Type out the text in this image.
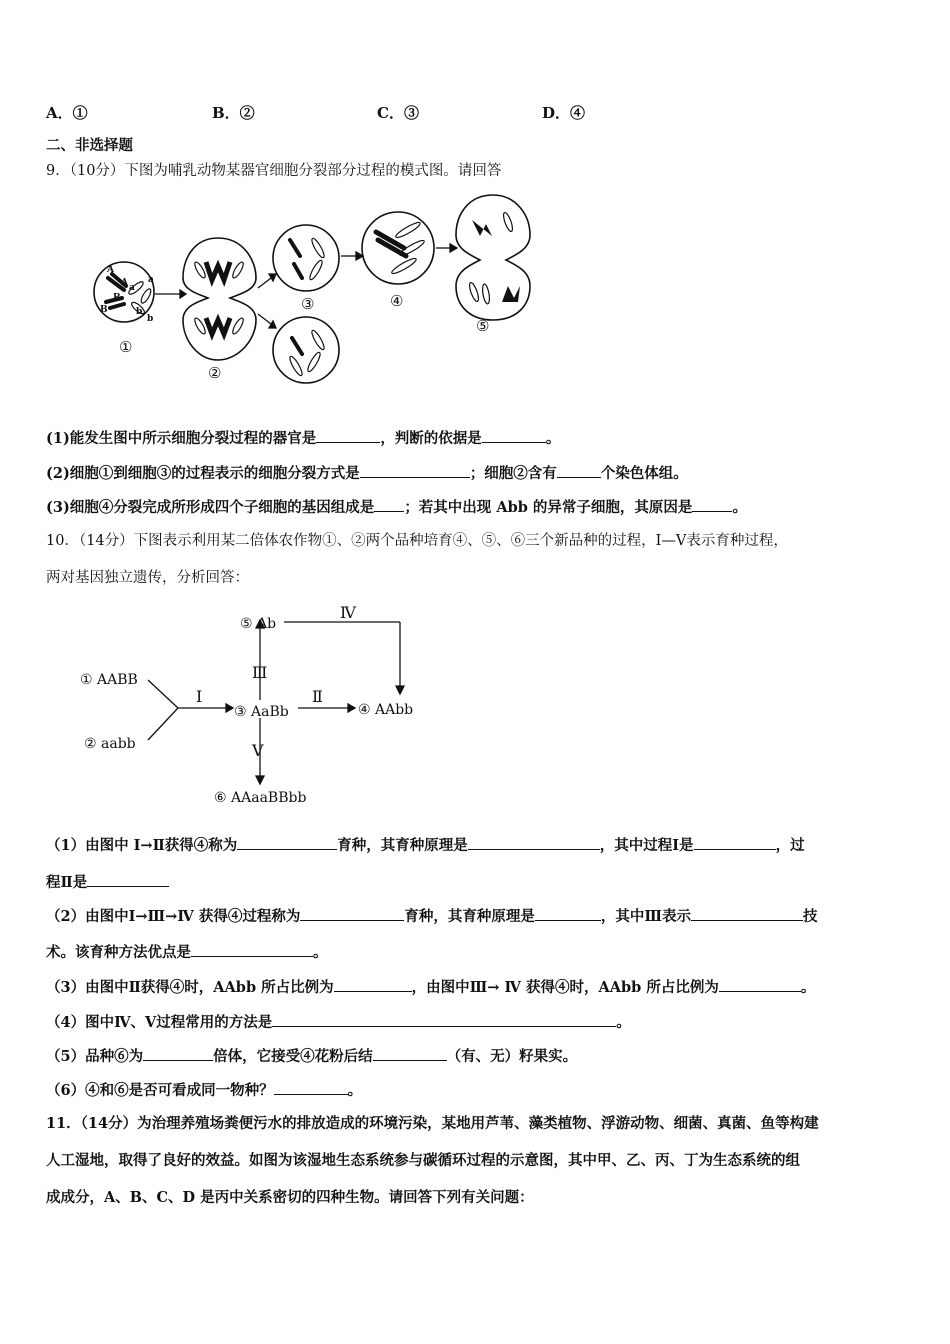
A．①	B．②	C．③	D．④
二、非选择题
9．（10分）下图为哺乳动物某器官细胞分裂部分过程的模式图。请回答
A
a
A a
B
B	b
b
①
②
③	④
⑤
(1)能发生图中所示细胞分裂过程的器官是	，判断的依据是	。
(2)细胞①到细胞③的过程表示的细胞分裂方式是	；细胞②含有	个染色体组。
(3)细胞④分裂完成所形成四个子细胞的基因组成是 ；若其中出现 Abb 的异常子细胞，其原因是	。
10．（14分）下图表示利用某二倍体农作物①、②两个品种培育④、⑤、⑥三个新品种的过程，Ⅰ—Ⅴ表示育种过程，
两对基因独立遗传，分析回答：
① AABB
② aabb
③ AaBb	④ AAbb
⑤ Ab
⑥ AAaaBBbb
Ⅰ	Ⅱ
Ⅲ
Ⅳ
Ⅴ
（1）由图中 Ⅰ→Ⅱ获得④称为	育种，其育种原理是	，其中过程Ⅰ是	，过
程Ⅱ是
（2）由图中Ⅰ→Ⅲ→Ⅳ 获得④过程称为	育种，其育种原理是	，其中Ⅲ表示	技
术。该育种方法优点是	。
（3）由图中Ⅱ获得④时，AAbb 所占比例为	，由图中Ⅲ→ Ⅳ 获得④时，AAbb 所占比例为	。
（4）图中Ⅳ、Ⅴ过程常用的方法是	。
（5）品种⑥为	倍体，它接受④花粉后结	（有、无）籽果实。
（6）④和⑥是否可看成同一物种？	。
11．（14分）为治理养殖场粪便污水的排放造成的环境污染，某地用芦苇、藻类植物、浮游动物、细菌、真菌、鱼等构建
人工湿地，取得了良好的效益。如图为该湿地生态系统参与碳循环过程的示意图，其中甲、乙、丙、丁为生态系统的组
成成分，A、B、C、D 是丙中关系密切的四种生物。请回答下列有关问题：
